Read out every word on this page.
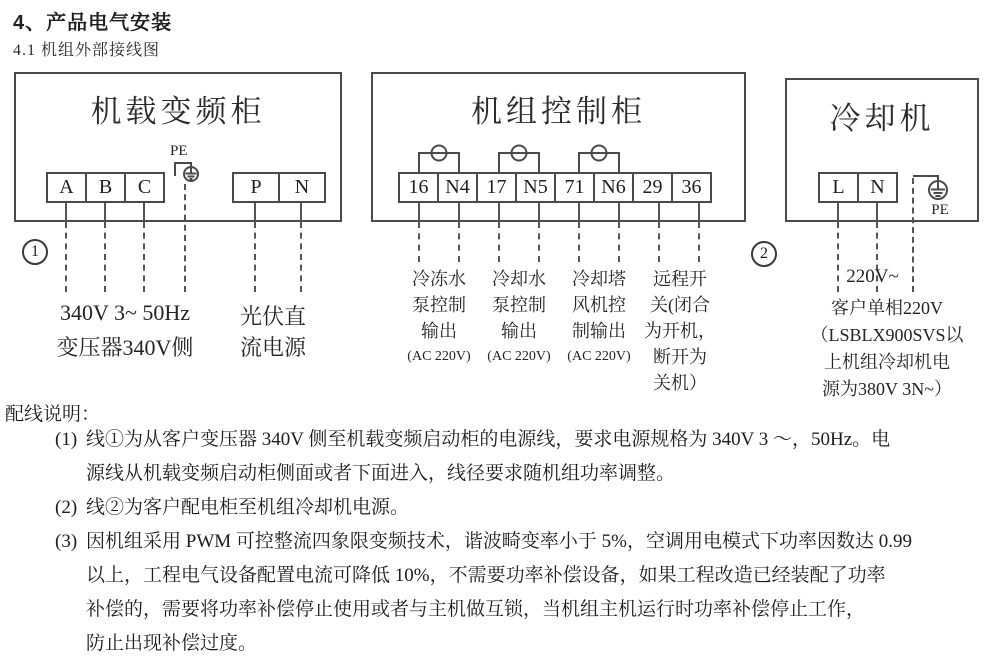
4、产品电气安装
4.1 机组外部接线图
机载变频柜
A	B	C
PE
P	N
1
340V 3~ 50Hz
变压器340V侧
光伏直
流电源
机组控制柜
16 N4 17 N5 71 N6 29 36
冷冻水
泵控制
输出
(AC 220V)
冷却水
泵控制
输出
(AC 220V)
冷却塔
风机控
制输出
(AC 220V)
远程开
关(闭合
为开机，
断开为
关机）
冷却机
L	N
PE
2
220V~
客户单相220V
（LSBLX900SVS以
上机组冷却机电
源为380V 3N~）
配线说明：
(1) 线①为从客户变压器 340V 侧至机载变频启动柜的电源线，要求电源规格为 340V 3 ～，50Hz。电
源线从机载变频启动柜侧面或者下面进入，线径要求随机组功率调整。
(2) 线②为客户配电柜至机组冷却机电源。
(3) 因机组采用 PWM 可控整流四象限变频技术，谐波畸变率小于 5%，空调用电模式下功率因数达 0.99
以上，工程电气设备配置电流可降低 10%，不需要功率补偿设备，如果工程改造已经装配了功率
补偿的，需要将功率补偿停止使用或者与主机做互锁，当机组主机运行时功率补偿停止工作，
防止出现补偿过度。
